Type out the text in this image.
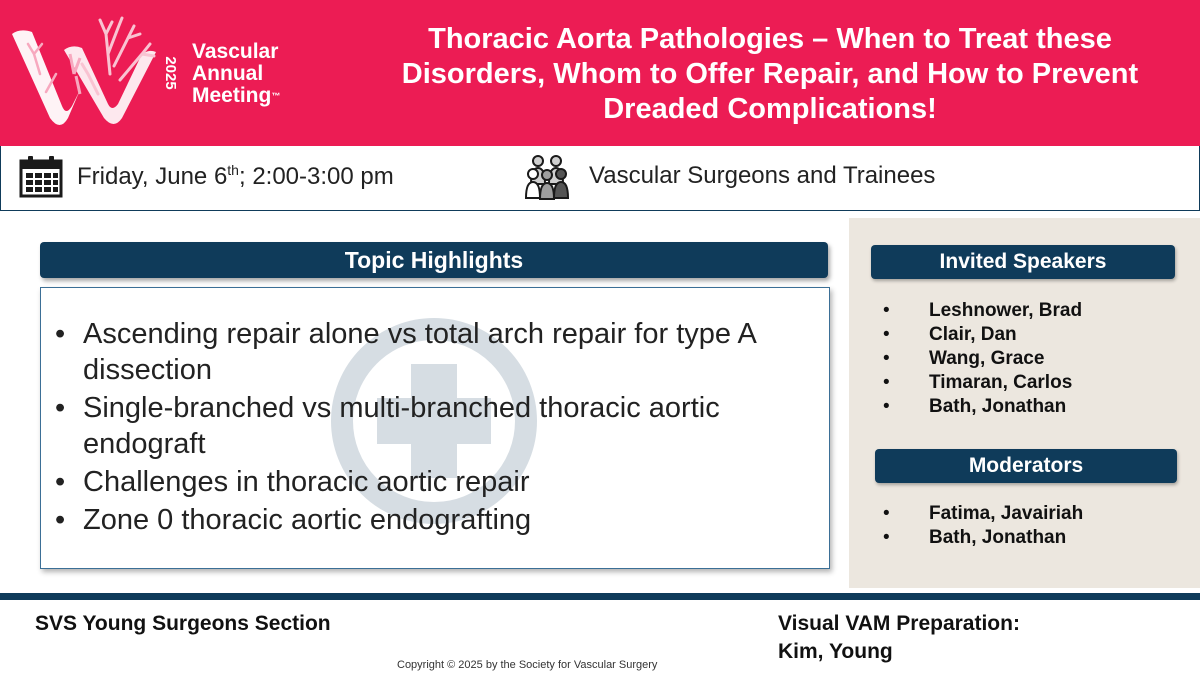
2025
Vascular
Annual
Meeting™
Thoracic Aorta Pathologies – When to Treat these Disorders, Whom to Offer Repair, and How to Prevent Dreaded Complications!
Friday, June 6th; 2:00-3:00 pm	Vascular Surgeons and Trainees
Topic Highlights
• Ascending repair alone vs total arch repair for type A dissection
• Single-branched vs multi-branched thoracic aortic endograft
• Challenges in thoracic aortic repair
• Zone 0 thoracic aortic endografting
Invited Speakers
• Leshnower, Brad
• Clair, Dan
• Wang, Grace
• Timaran, Carlos
• Bath, Jonathan
Moderators
• Fatima, Javairiah
• Bath, Jonathan
SVS Young Surgeons Section	Visual VAM Preparation:
Kim, Young
Copyright © 2025 by the Society for Vascular Surgery
